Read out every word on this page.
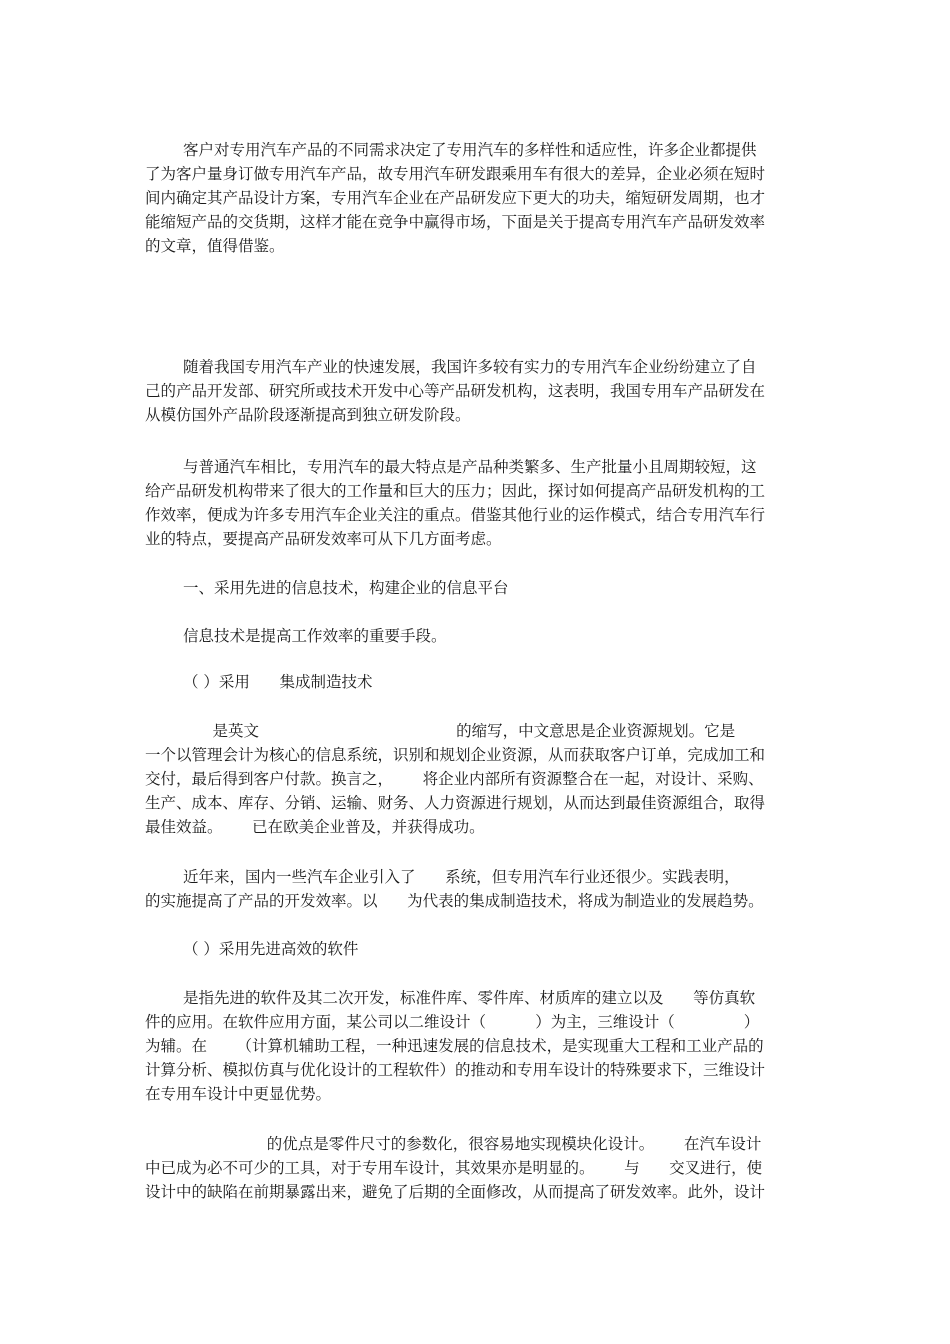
客户对专用汽车产品的不同需求决定了专用汽车的多样性和适应性，许多企业都提供
了为客户量身订做专用汽车产品，故专用汽车研发跟乘用车有很大的差异，企业必须在短时
间内确定其产品设计方案，专用汽车企业在产品研发应下更大的功夫，缩短研发周期，也才
能缩短产品的交货期，这样才能在竞争中赢得市场，下面是关于提高专用汽车产品研发效率
的文章，值得借鉴。
随着我国专用汽车产业的快速发展，我国许多较有实力的专用汽车企业纷纷建立了自
己的产品开发部、研究所或技术开发中心等产品研发机构，这表明，我国专用车产品研发在
从模仿国外产品阶段逐渐提高到独立研发阶段。
与普通汽车相比，专用汽车的最大特点是产品种类繁多、生产批量小且周期较短，这
给产品研发机构带来了很大的工作量和巨大的压力；因此，探讨如何提高产品研发机构的工
作效率，便成为许多专用汽车企业关注的重点。借鉴其他行业的运作模式，结合专用汽车行
业的特点，要提高产品研发效率可从下几方面考虑。
一、采用先进的信息技术，构建企业的信息平台
信息技术是提高工作效率的重要手段。
（ ）采用      集成制造技术
是英文                                        的缩写，中文意思是企业资源规划。它是
一个以管理会计为核心的信息系统，识别和规划企业资源，从而获取客户订单，完成加工和
交付，最后得到客户付款。换言之，      将企业内部所有资源整合在一起，对设计、采购、
生产、成本、库存、分销、运输、财务、人力资源进行规划，从而达到最佳资源组合，取得
最佳效益。      已在欧美企业普及，并获得成功。
近年来，国内一些汽车企业引入了      系统，但专用汽车行业还很少。实践表明，
的实施提高了产品的开发效率。以      为代表的集成制造技术，将成为制造业的发展趋势。
（ ）采用先进高效的软件
是指先进的软件及其二次开发，标准件库、零件库、材质库的建立以及      等仿真软
件的应用。在软件应用方面，某公司以二维设计（          ）为主，三维设计（              ）
为辅。在      （计算机辅助工程，一种迅速发展的信息技术，是实现重大工程和工业产品的
计算分析、模拟仿真与优化设计的工程软件）的推动和专用车设计的特殊要求下，三维设计
在专用车设计中更显优势。
的优点是零件尺寸的参数化，很容易地实现模块化设计。      在汽车设计
中已成为必不可少的工具，对于专用车设计，其效果亦是明显的。      与      交叉进行，使
设计中的缺陷在前期暴露出来，避免了后期的全面修改，从而提高了研发效率。此外，设计
